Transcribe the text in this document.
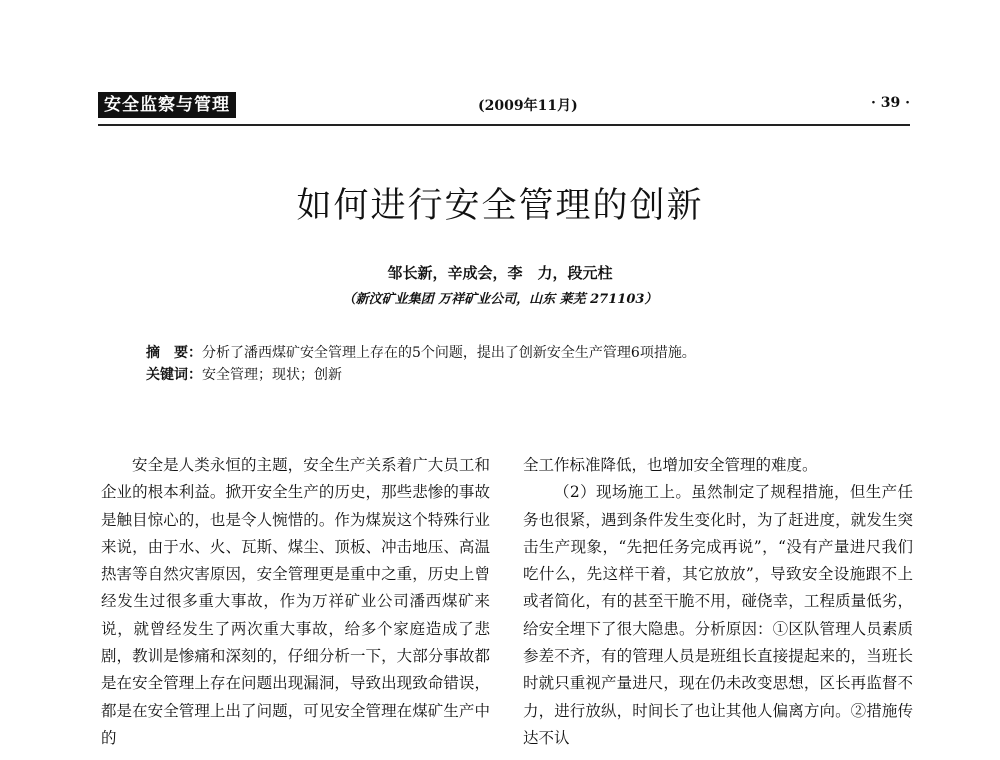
安全监察与管理	(2009年11月)	· 39 ·
如何进行安全管理的创新
邹长新，辛成会，李　力，段元柱
（新汶矿业集团 万祥矿业公司，山东 莱芜 271103）
摘　要：分析了潘西煤矿安全管理上存在的5个问题，提出了创新安全生产管理6项措施。
关键词：安全管理；现状；创新

安全是人类永恒的主题，安全生产关系着广大员工和企业的根本利益。掀开安全生产的历史，那些悲惨的事故是触目惊心的，也是令人惋惜的。作为煤炭这个特殊行业来说，由于水、火、瓦斯、煤尘、顶板、冲击地压、高温热害等自然灾害原因，安全管理更是重中之重，历史上曾经发生过很多重大事故，作为万祥矿业公司潘西煤矿来说，就曾经发生了两次重大事故，给多个家庭造成了悲剧，教训是惨痛和深刻的，仔细分析一下，大部分事故都是在安全管理上存在问题出现漏洞，导致出现致命错误，都是在安全管理上出了问题，可见安全管理在煤矿生产中的

全工作标准降低，也增加安全管理的难度。

（2）现场施工上。虽然制定了规程措施，但生产任务也很紧，遇到条件发生变化时，为了赶进度，就发生突击生产现象，“先把任务完成再说”，“没有产量进尺我们吃什么，先这样干着，其它放放”，导致安全设施跟不上或者简化，有的甚至干脆不用，碰侥幸，工程质量低劣，给安全埋下了很大隐患。分析原因：①区队管理人员素质参差不齐，有的管理人员是班组长直接提起来的，当班长时就只重视产量进尺，现在仍未改变思想，区长再监督不力，进行放纵，时间长了也让其他人偏离方向。②措施传达不认
